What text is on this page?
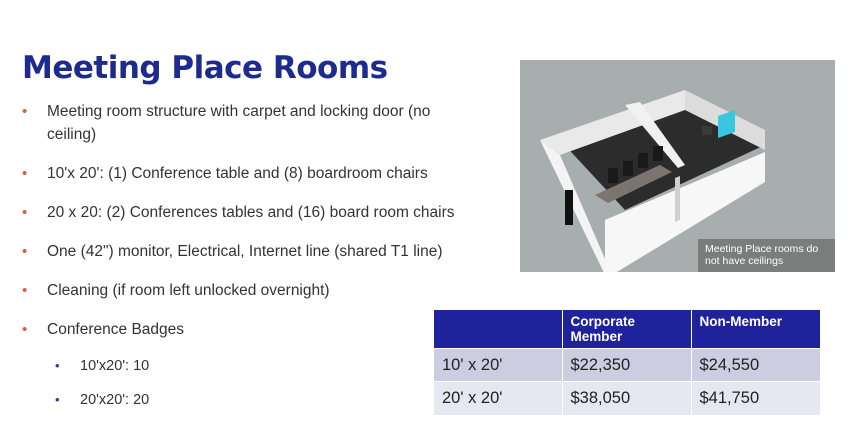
Meeting Place Rooms
• Meeting room structure with carpet and locking door (no ceiling)
• 10'x 20': (1) Conference table and (8) boardroom chairs
• 20 x 20: (2) Conferences tables and (16) board room chairs
• One (42") monitor, Electrical, Internet line (shared T1 line)
• Cleaning (if room left unlocked overnight)
• Conference Badges
• 10'x20': 10
• 20'x20': 20
Meeting Place rooms do not have ceilings
	Corporate Member	Non-Member
10' x 20'	$22,350	$24,550
20' x 20'	$38,050	$41,750
